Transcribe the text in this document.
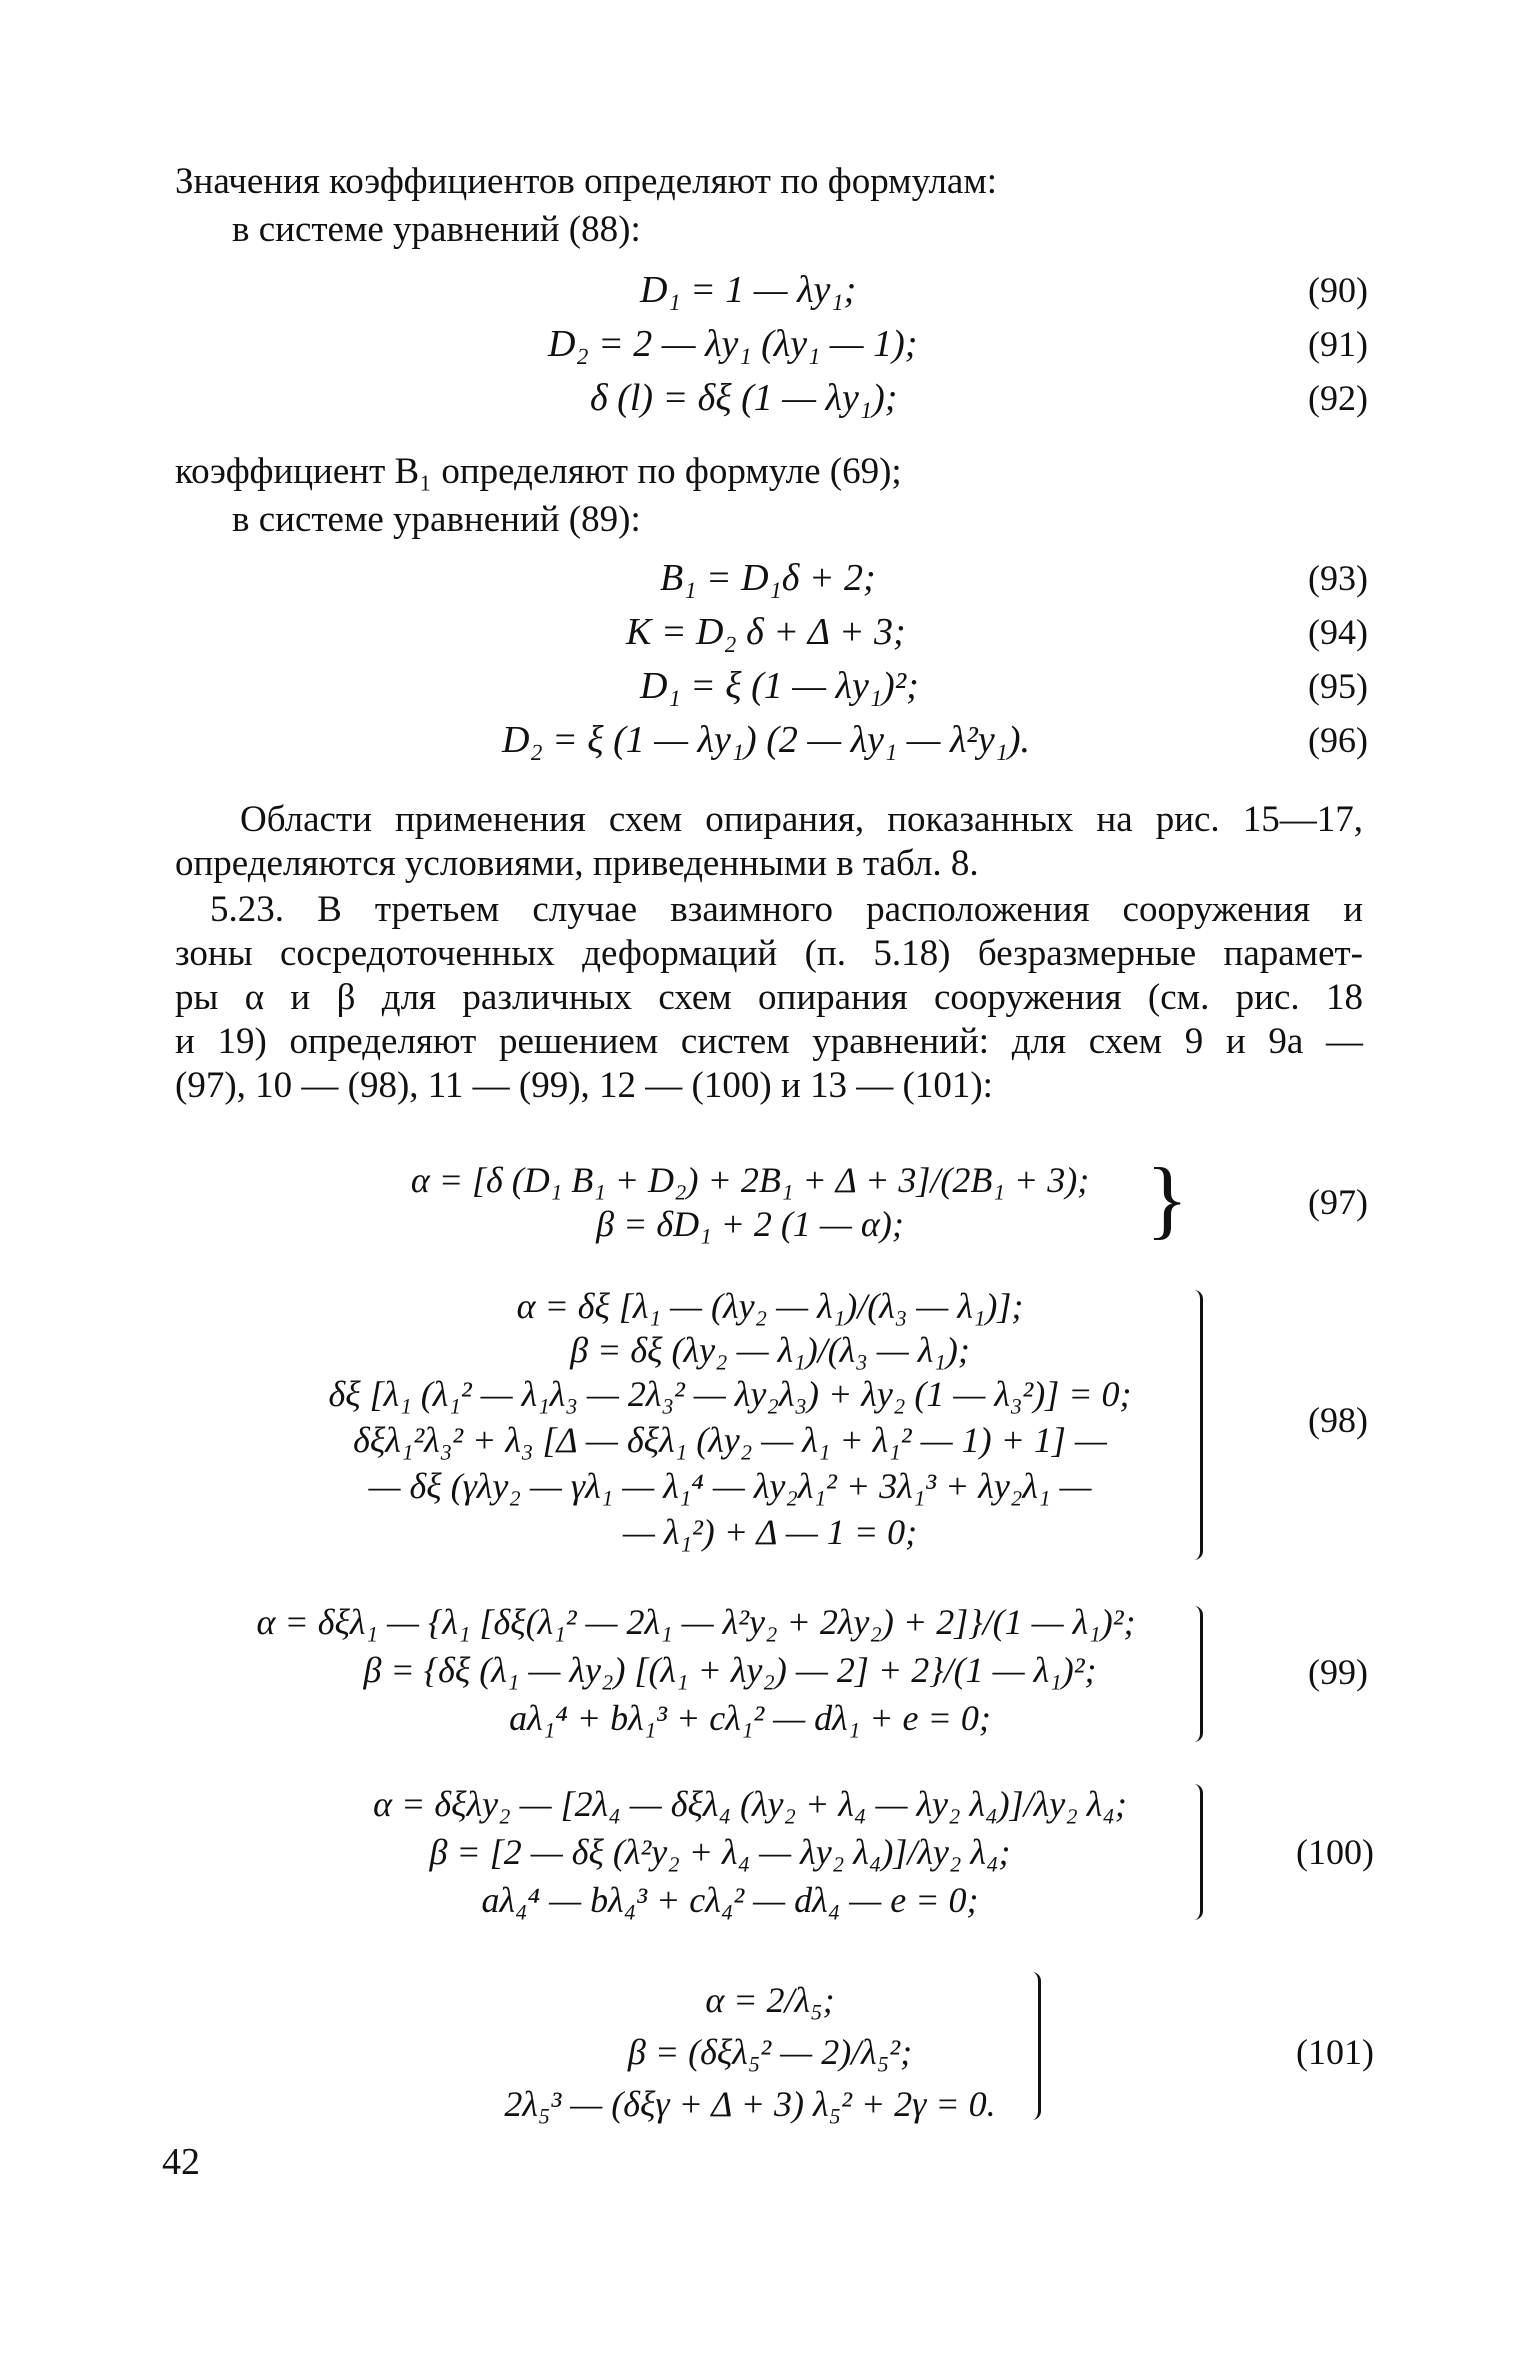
Значения коэффициентов определяют по формулам:
в системе уравнений (88):
D₁ = 1 — λy₁;	(90)
D₂ = 2 — λy₁ (λy₁ — 1);	(91)
δ (l) = δξ (1 — λy₁);	(92)
коэффициент B₁ определяют по формуле (69);
в системе уравнений (89):
B₁ = D₁δ + 2;	(93)
K = D₂ δ + Δ + 3;	(94)
D₁ = ξ (1 — λy₁)²;	(95)
D₂ = ξ (1 — λy₁) (2 — λy₁ — λ²y₁).	(96)
Области применения схем опирания, показанных на рис. 15—17,
определяются условиями, приведенными в табл. 8.
5.23. В третьем случае взаимного расположения сооружения и
зоны сосредоточенных деформаций (п. 5.18) безразмерные парамет-
ры α и β для различных схем опирания сооружения (см. рис. 18
и 19) определяют решением систем уравнений: для схем 9 и 9а —
(97), 10 — (98), 11 — (99), 12 — (100) и 13 — (101):
α = [δ (D₁ B₁ + D₂) + 2B₁ + Δ + 3]/(2B₁ + 3);
β = δD₁ + 2 (1 — α);	}	(97)
α = δξ [λ₁ — (λy₂ — λ₁)/(λ₃ — λ₁)];
β = δξ (λy₂ — λ₁)/(λ₃ — λ₁);
δξ [λ₁ (λ₁² — λ₁λ₃ — 2λ₃² — λy₂λ₃) + λy₂ (1 — λ₃²)] = 0;
δξλ₁²λ₃² + λ₃ [Δ — δξλ₁ (λy₂ — λ₁ + λ₁² — 1) + 1] —
— δξ (γλy₂ — γλ₁ — λ₁⁴ — λy₂λ₁² + 3λ₁³ + λy₂λ₁ —
— λ₁²) + Δ — 1 = 0;
(98)
α = δξλ₁ — {λ₁ [δξ(λ₁² — 2λ₁ — λ²y₂ + 2λy₂) + 2]}/(1 — λ₁)²;
β = {δξ (λ₁ — λy₂) [(λ₁ + λy₂) — 2] + 2}/(1 — λ₁)²;
aλ₁⁴ + bλ₁³ + cλ₁² — dλ₁ + e = 0;
(99)
α = δξλy₂ — [2λ₄ — δξλ₄ (λy₂ + λ₄ — λy₂ λ₄)]/λy₂ λ₄;
β = [2 — δξ (λ²y₂ + λ₄ — λy₂ λ₄)]/λy₂ λ₄;
aλ₄⁴ — bλ₄³ + cλ₄² — dλ₄ — e = 0;
(100)
α = 2/λ₅;
β = (δξλ₅² — 2)/λ₅²;
2λ₅³ — (δξγ + Δ + 3) λ₅² + 2γ = 0.
(101)
42
